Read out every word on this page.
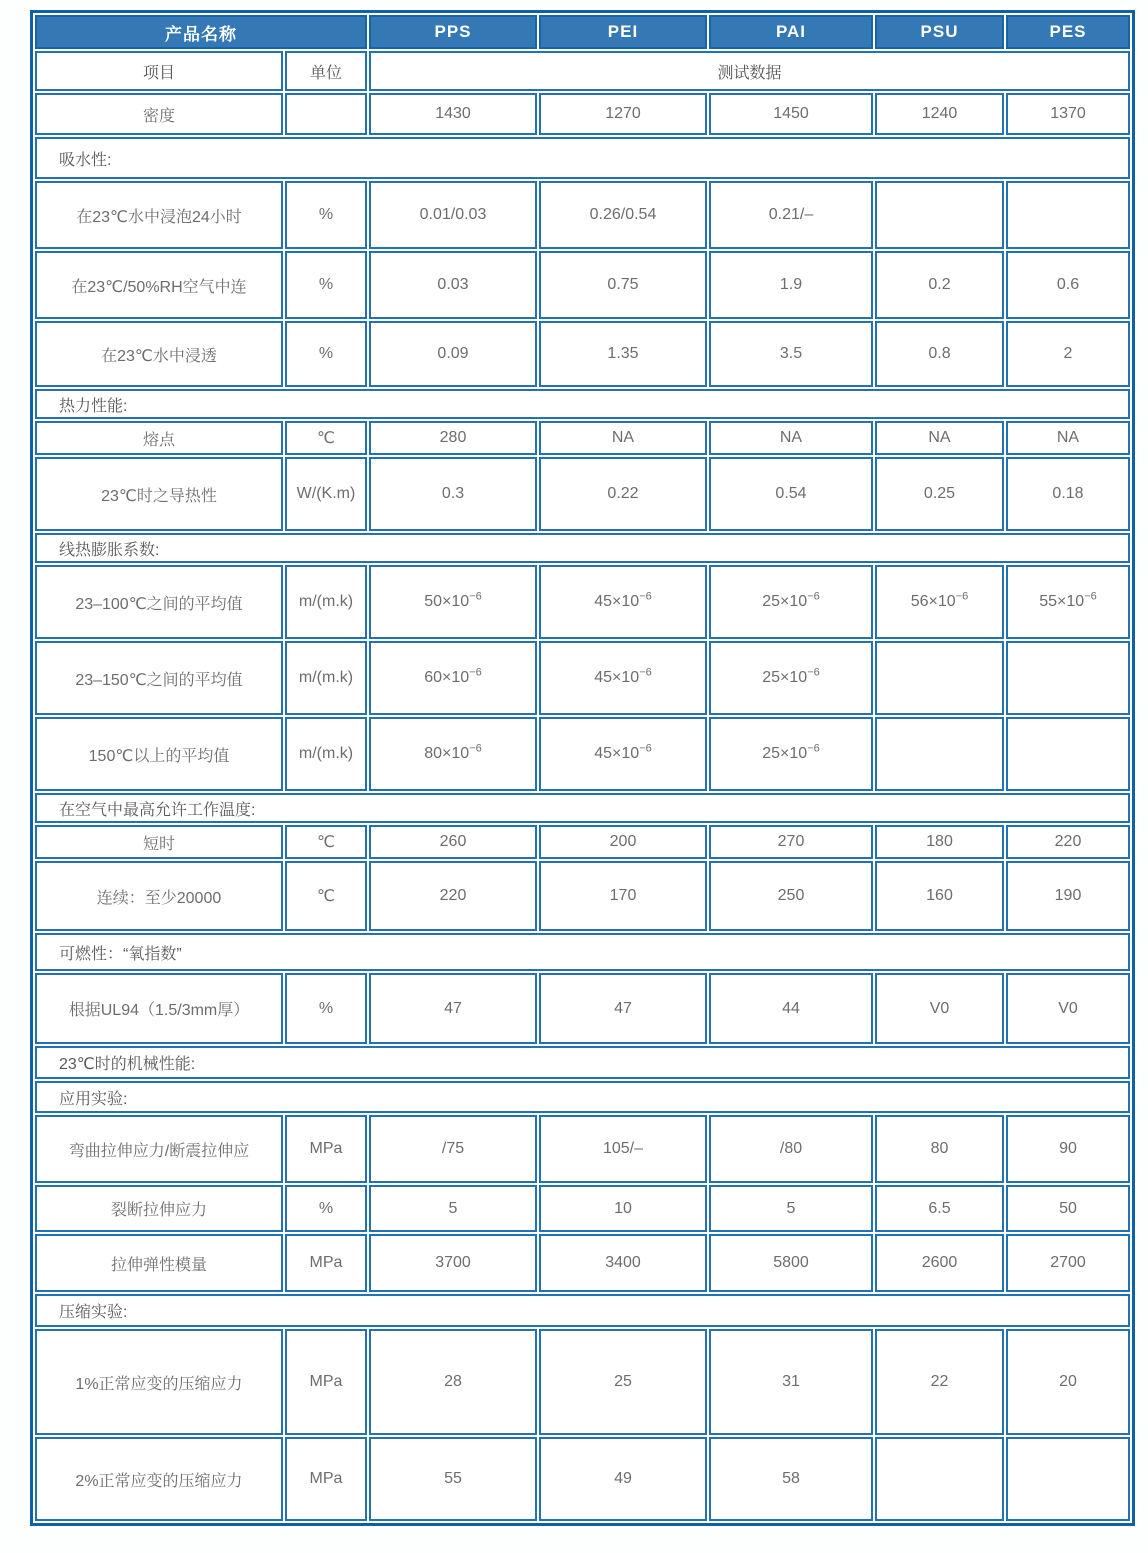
产品名称		PPS	PEI	PAI	PSU	PES
项目	单位	测试数据				
密度		1430	1270	1450	1240	1370
吸水性:						
在23℃水中浸泡24小时	%	0.01/0.03	0.26/0.54	0.21/–		
在23℃/50%RH空气中连	%	0.03	0.75	1.9	0.2	0.6
在23℃水中浸透	%	0.09	1.35	3.5	0.8	2
热力性能:						
熔点	℃	280	NA	NA	NA	NA
23℃时之导热性	W/(K.m)	0.3	0.22	0.54	0.25	0.18
线热膨胀系数:						
23–100℃之间的平均值	m/(m.k)	$50\times 10^{-6}$	$45\times 10^{-6}$	$25\times 10^{-6}$	$56\times 10^{-6}$	$55\times 10^{-6}$
23–150℃之间的平均值	m/(m.k)	$60\times 10^{-6}$	$45\times 10^{-6}$	$25\times 10^{-6}$		
150℃以上的平均值	m/(m.k)	$80\times 10^{-6}$	$45\times 10^{-6}$	$25\times 10^{-6}$		
在空气中最高允许工作温度:						
短时	℃	260	200	270	180	220
连续：至少20000	℃	220	170	250	160	190
可燃性：“氧指数”						
根据UL94（1.5/3mm厚）	%	47	47	44	V0	V0
23℃时的机械性能:						
应用实验:						
弯曲拉伸应力/断震拉伸应	MPa	/75	105/–	/80	80	90
裂断拉伸应力	%	5	10	5	6.5	50
拉伸弹性模量	MPa	3700	3400	5800	2600	2700
压缩实验:						
1%正常应变的压缩应力	MPa	28	25	31	22	20
2%正常应变的压缩应力	MPa	55	49	58		
